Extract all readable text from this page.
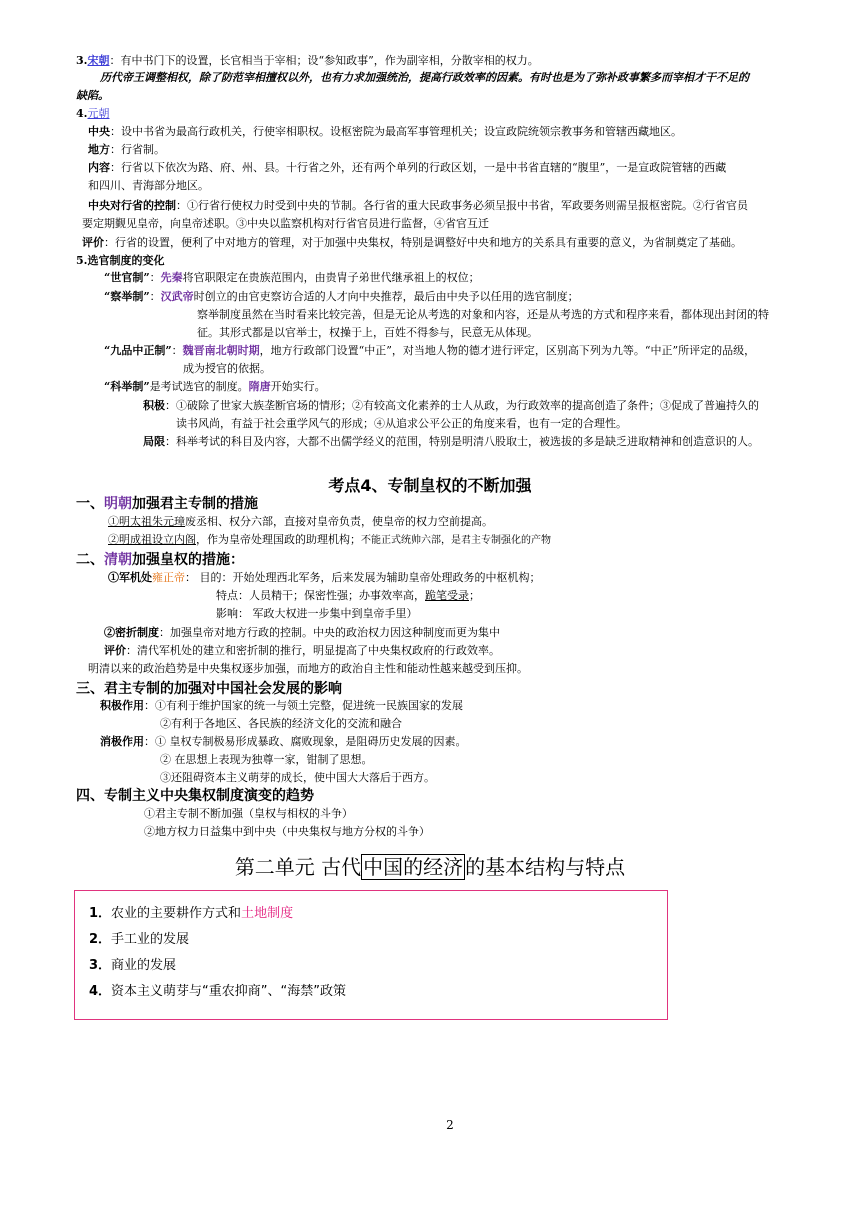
3.宋朝：有中书门下的设置，长官相当于宰相；设“参知政事”，作为副宰相，分散宰相的权力。
历代帝王调整相权，除了防范宰相擅权以外，也有力求加强统治，提高行政效率的因素。有时也是为了弥补政事繁多而宰相才干不足的
缺陷。
4.元朝
中央：设中书省为最高行政机关，行使宰相职权。设枢密院为最高军事管理机关；设宣政院统领宗教事务和管辖西藏地区。
地方：行省制。
内容：行省以下依次为路、府、州、县。十行省之外，还有两个单列的行政区划，一是中书省直辖的“腹里”，一是宣政院管辖的西藏
和四川、青海部分地区。
中央对行省的控制：①行省行使权力时受到中央的节制。各行省的重大民政事务必须呈报中书省，军政要务则需呈报枢密院。②行省官员
要定期觐见皇帝，向皇帝述职。③中央以监察机构对行省官员进行监督，④省官互迁
评价：行省的设置，便利了中对地方的管理，对于加强中央集权，特别是调整好中央和地方的关系具有重要的意义，为省制奠定了基础。
5.选官制度的变化
“世官制”：先秦将官职限定在贵族范围内，由贵胄子弟世代继承祖上的权位；
“察举制”：汉武帝时创立的由官吏察访合适的人才向中央推荐，最后由中央予以任用的选官制度；
察举制度虽然在当时看来比较完善，但是无论从考选的对象和内容，还是从考选的方式和程序来看，都体现出封闭的特
征。其形式都是以官举士，权操于上，百姓不得参与，民意无从体现。
“九品中正制”：魏晋南北朝时期，地方行政部门设置“中正”，对当地人物的德才进行评定，区别高下列为九等。“中正”所评定的品级，
成为授官的依据。
“科举制”是考试选官的制度。隋唐开始实行。
积极：①破除了世家大族垄断官场的情形；②有较高文化素养的士人从政，为行政效率的提高创造了条件；③促成了普遍持久的
读书风尚，有益于社会重学风气的形成；④从追求公平公正的角度来看，也有一定的合理性。
局限：科举考试的科目及内容，大都不出儒学经义的范围，特别是明清八股取士，被选拔的多是缺乏进取精神和创造意识的人。
考点4、专制皇权的不断加强
一、明朝加强君主专制的措施
①明太祖朱元璋废丞相、权分六部，直接对皇帝负责，使皇帝的权力空前提高。
②明成祖设立内阁，作为皇帝处理国政的助理机构；不能正式统帅六部，是君主专制强化的产物
二、清朝加强皇权的措施：
①军机处雍正帝： 目的：开始处理西北军务，后来发展为辅助皇帝处理政务的中枢机构；
特点：人员精干；保密性强；办事效率高，跪笔受录；
影响： 军政大权进一步集中到皇帝手里）
②密折制度：加强皇帝对地方行政的控制。中央的政治权力因这种制度而更为集中
评价：清代军机处的建立和密折制的推行，明显提高了中央集权政府的行政效率。
明清以来的政治趋势是中央集权逐步加强，而地方的政治自主性和能动性越来越受到压抑。
三、君主专制的加强对中国社会发展的影响
积极作用：①有利于维护国家的统一与领土完整，促进统一民族国家的发展
②有利于各地区、各民族的经济文化的交流和融合
消极作用：① 皇权专制极易形成暴政、腐败现象，是阻碍历史发展的因素。
② 在思想上表现为独尊一家，钳制了思想。
③还阻碍资本主义萌芽的成长，使中国大大落后于西方。
四、专制主义中央集权制度演变的趋势
①君主专制不断加强（皇权与相权的斗争）
②地方权力日益集中到中央（中央集权与地方分权的斗争）
第二单元 古代 中国的经济 的基本结构与特点
1．农业的主要耕作方式和土地制度
2．手工业的发展
3．商业的发展
4．资本主义萌芽与“重农抑商”、“海禁”政策
2
